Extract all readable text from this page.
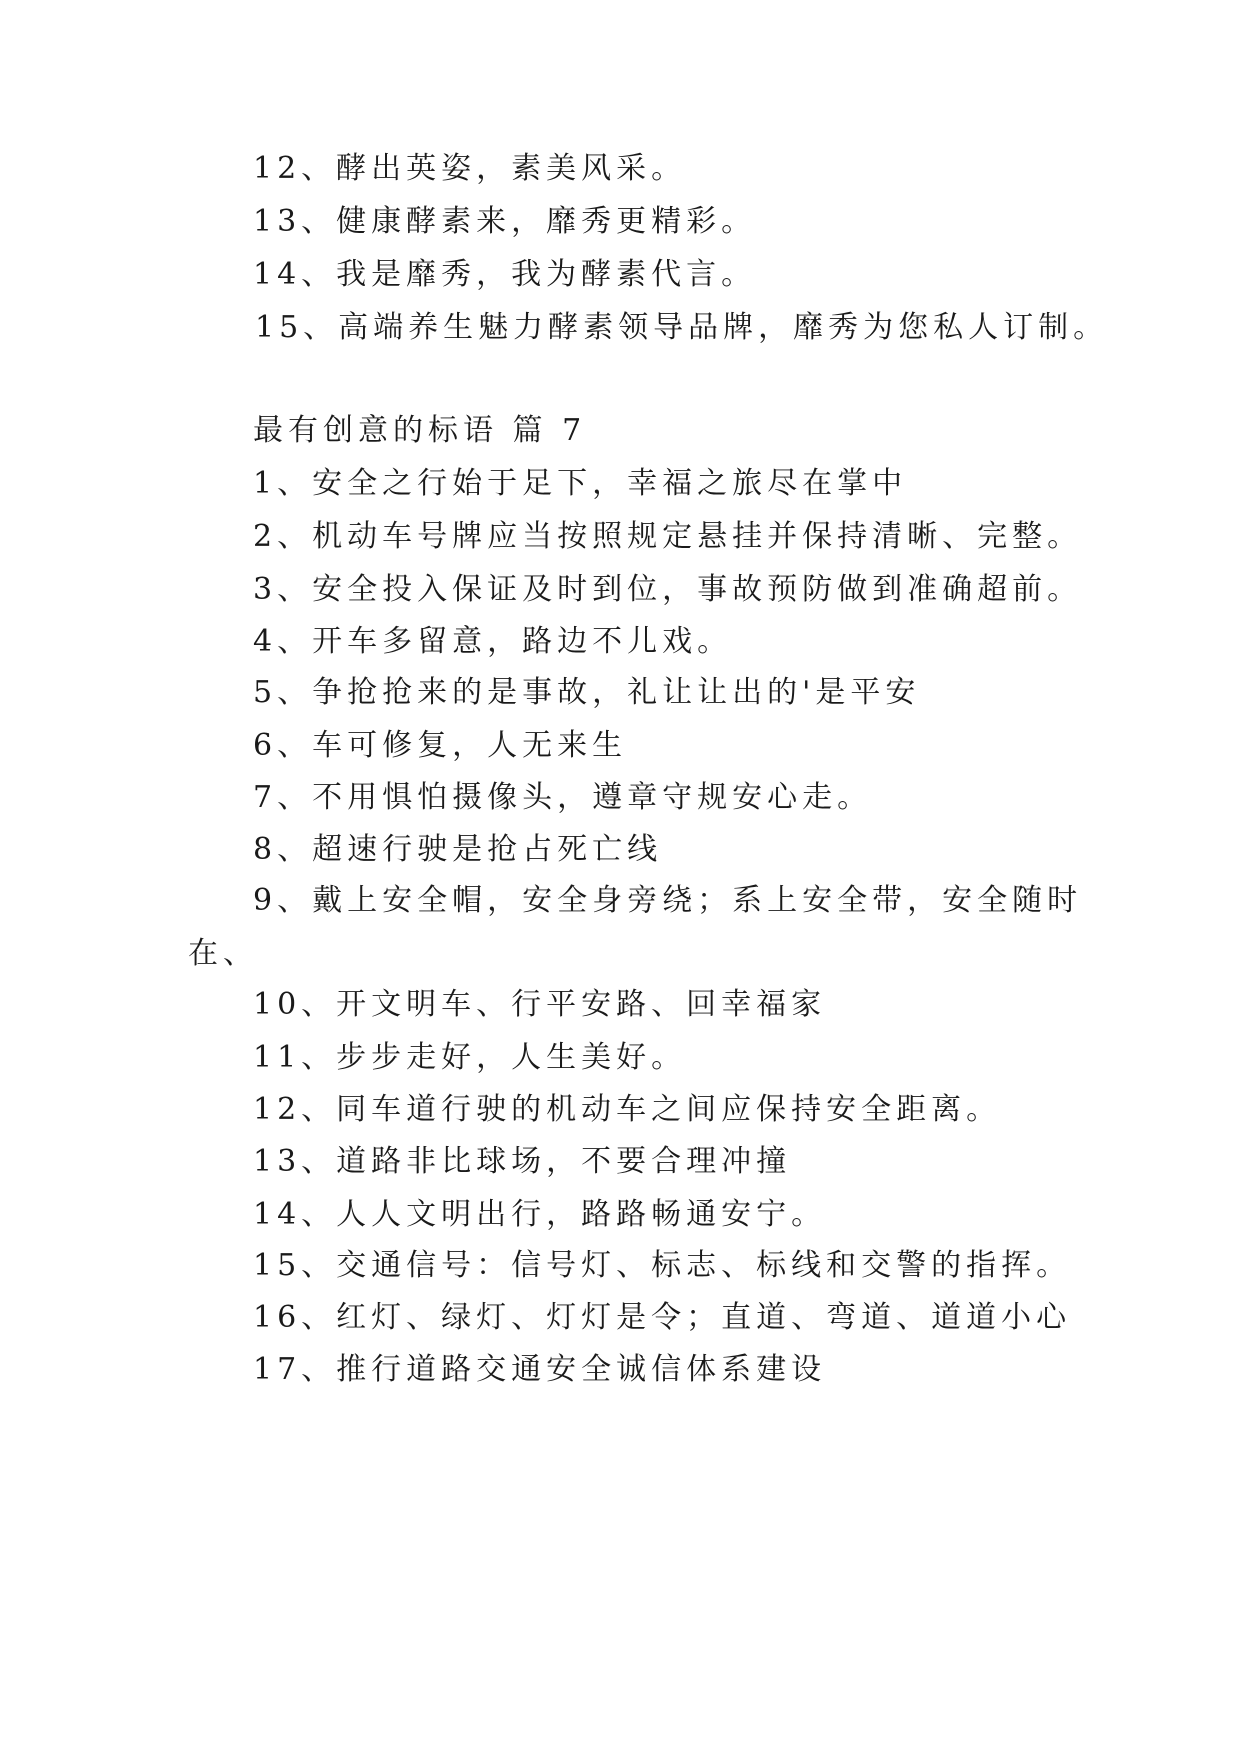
12、酵出英姿，素美风采。
13、健康酵素来，靡秀更精彩。
14、我是靡秀，我为酵素代言。
15、高端养生魅力酵素领导品牌，靡秀为您私人订制。
最有创意的标语 篇 7
1、安全之行始于足下，幸福之旅尽在掌中
2、机动车号牌应当按照规定悬挂并保持清晰、完整。
3、安全投入保证及时到位，事故预防做到准确超前。
4、开车多留意，路边不儿戏。
5、争抢抢来的是事故，礼让让出的'是平安
6、车可修复，人无来生
7、不用惧怕摄像头，遵章守规安心走。
8、超速行驶是抢占死亡线
9、戴上安全帽，安全身旁绕；系上安全带，安全随时
在、
10、开文明车、行平安路、回幸福家
11、步步走好，人生美好。
12、同车道行驶的机动车之间应保持安全距离。
13、道路非比球场，不要合理冲撞
14、人人文明出行，路路畅通安宁。
15、交通信号：信号灯、标志、标线和交警的指挥。
16、红灯、绿灯、灯灯是令；直道、弯道、道道小心
17、推行道路交通安全诚信体系建设
